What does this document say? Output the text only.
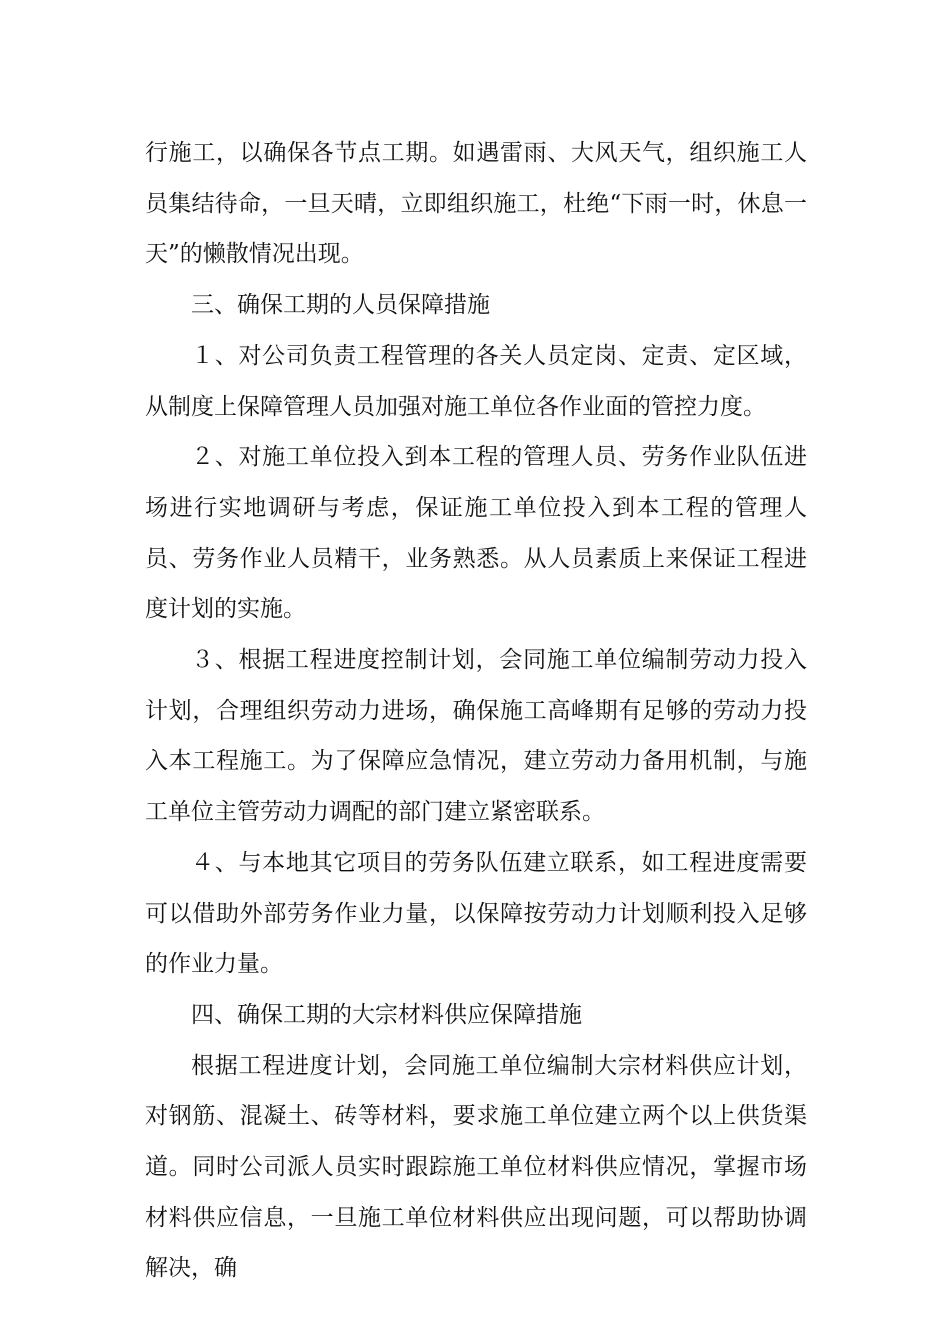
行施工，以确保各节点工期。如遇雷雨、大风天气，组织施工人员集结待命，一旦天晴，立即组织施工，杜绝“下雨一时，休息一天”的懒散情况出现。

三、确保工期的人员保障措施

１、对公司负责工程管理的各关人员定岗、定责、定区域，从制度上保障管理人员加强对施工单位各作业面的管控力度。

２、对施工单位投入到本工程的管理人员、劳务作业队伍进场进行实地调研与考虑，保证施工单位投入到本工程的管理人员、劳务作业人员精干，业务熟悉。从人员素质上来保证工程进度计划的实施。

３、根据工程进度控制计划，会同施工单位编制劳动力投入计划，合理组织劳动力进场，确保施工高峰期有足够的劳动力投入本工程施工。为了保障应急情况，建立劳动力备用机制，与施工单位主管劳动力调配的部门建立紧密联系。

４、与本地其它项目的劳务队伍建立联系，如工程进度需要可以借助外部劳务作业力量，以保障按劳动力计划顺利投入足够的作业力量。

四、确保工期的大宗材料供应保障措施

根据工程进度计划，会同施工单位编制大宗材料供应计划，对钢筋、混凝土、砖等材料，要求施工单位建立两个以上供货渠道。同时公司派人员实时跟踪施工单位材料供应情况，掌握市场材料供应信息，一旦施工单位材料供应出现问题，可以帮助协调解决，确
